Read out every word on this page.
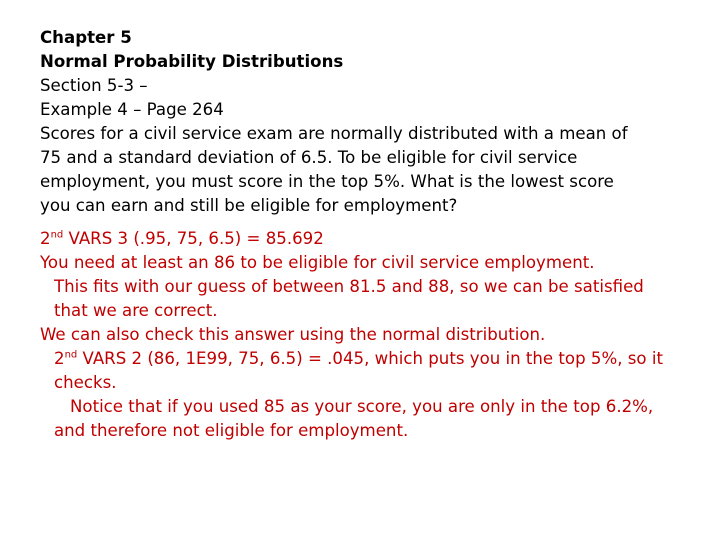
Chapter 5
Normal Probability Distributions
Section 5-3 –
Example 4 – Page 264
Scores for a civil service exam are normally distributed with a mean of
75 and a standard deviation of 6.5. To be eligible for civil service
employment, you must score in the top 5%. What is the lowest score
you can earn and still be eligible for employment?
2nd VARS 3 (.95, 75, 6.5) = 85.692
You need at least an 86 to be eligible for civil service employment.
This fits with our guess of between 81.5 and 88, so we can be satisfied
that we are correct.
We can also check this answer using the normal distribution.
2nd VARS 2 (86, 1E99, 75, 6.5) = .045, which puts you in the top 5%, so it
checks.
Notice that if you used 85 as your score, you are only in the top 6.2%,
and therefore not eligible for employment.
